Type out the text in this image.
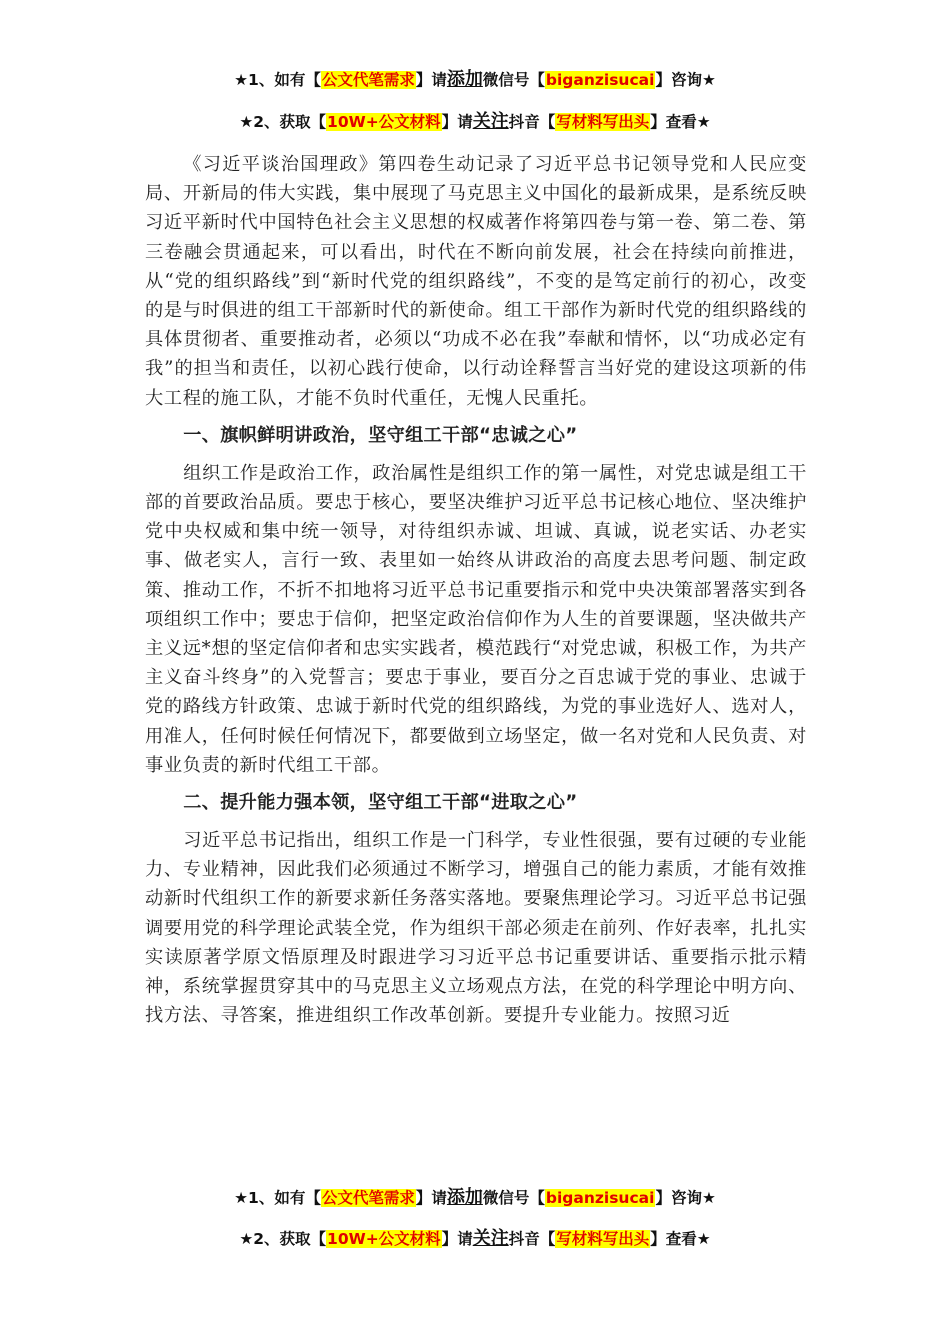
★1、如有【公文代笔需求】请添加微信号【biganzisucai】咨询★
★2、获取【10W+公文材料】请关注抖音【写材料写出头】查看★

《习近平谈治国理政》第四卷生动记录了习近平总书记领导党和人民应变局、开新局的伟大实践，集中展现了马克思主义中国化的最新成果，是系统反映习近平新时代中国特色社会主义思想的权威著作将第四卷与第一卷、第二卷、第三卷融会贯通起来，可以看出，时代在不断向前发展，社会在持续向前推进，从“党的组织路线”到“新时代党的组织路线”，不变的是笃定前行的初心，改变的是与时俱进的组工干部新时代的新使命。组工干部作为新时代党的组织路线的具体贯彻者、重要推动者，必须以“功成不必在我”奉献和情怀，以“功成必定有我”的担当和责任，以初心践行使命，以行动诠释誓言当好党的建设这项新的伟大工程的施工队，才能不负时代重任，无愧人民重托。

一、旗帜鲜明讲政治，坚守组工干部“忠诚之心”

组织工作是政治工作，政治属性是组织工作的第一属性，对党忠诚是组工干部的首要政治品质。要忠于核心，要坚决维护习近平总书记核心地位、坚决维护党中央权威和集中统一领导，对待组织赤诚、坦诚、真诚，说老实话、办老实事、做老实人，言行一致、表里如一始终从讲政治的高度去思考问题、制定政策、推动工作，不折不扣地将习近平总书记重要指示和党中央决策部署落实到各项组织工作中；要忠于信仰，把坚定政治信仰作为人生的首要课题，坚决做共产主义远*想的坚定信仰者和忠实实践者，模范践行“对党忠诚，积极工作，为共产主义奋斗终身”的入党誓言；要忠于事业，要百分之百忠诚于党的事业、忠诚于党的路线方针政策、忠诚于新时代党的组织路线，为党的事业选好人、选对人，用准人，任何时候任何情况下，都要做到立场坚定，做一名对党和人民负责、对事业负责的新时代组工干部。

二、提升能力强本领，坚守组工干部“进取之心”

习近平总书记指出，组织工作是一门科学，专业性很强，要有过硬的专业能力、专业精神，因此我们必须通过不断学习，增强自己的能力素质，才能有效推动新时代组织工作的新要求新任务落实落地。要聚焦理论学习。习近平总书记强调要用党的科学理论武装全党，作为组织干部必须走在前列、作好表率，扎扎实实读原著学原文悟原理及时跟进学习习近平总书记重要讲话、重要指示批示精神，系统掌握贯穿其中的马克思主义立场观点方法，在党的科学理论中明方向、找方法、寻答案，推进组织工作改革创新。要提升专业能力。按照习近

★1、如有【公文代笔需求】请添加微信号【biganzisucai】咨询★
★2、获取【10W+公文材料】请关注抖音【写材料写出头】查看★
